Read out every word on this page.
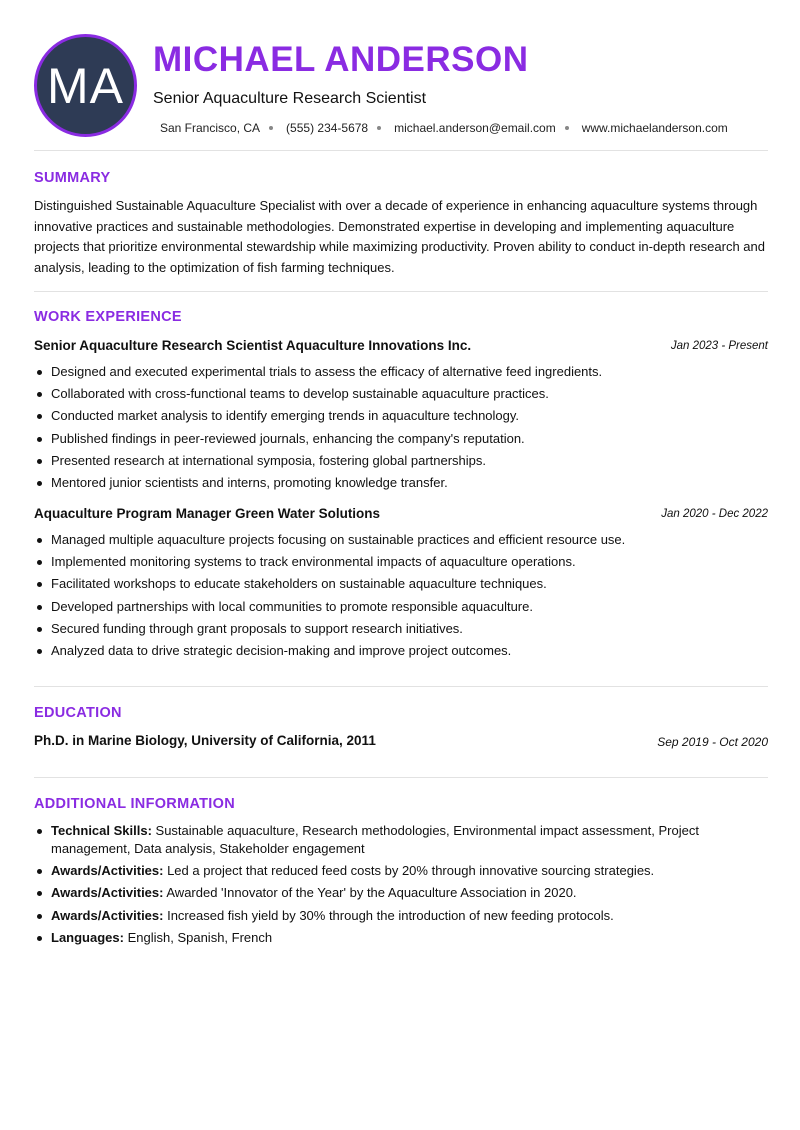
MA MICHAEL ANDERSON
Senior Aquaculture Research Scientist
San Francisco, CA (555) 234-5678 michael.anderson@email.com www.michaelanderson.com
SUMMARY
Distinguished Sustainable Aquaculture Specialist with over a decade of experience in enhancing aquaculture systems through innovative practices and sustainable methodologies. Demonstrated expertise in developing and implementing aquaculture projects that prioritize environmental stewardship while maximizing productivity. Proven ability to conduct in-depth research and analysis, leading to the optimization of fish farming techniques.
WORK EXPERIENCE
Senior Aquaculture Research Scientist Aquaculture Innovations Inc.	Jan 2023 - Present
Designed and executed experimental trials to assess the efficacy of alternative feed ingredients.
Collaborated with cross-functional teams to develop sustainable aquaculture practices.
Conducted market analysis to identify emerging trends in aquaculture technology.
Published findings in peer-reviewed journals, enhancing the company's reputation.
Presented research at international symposia, fostering global partnerships.
Mentored junior scientists and interns, promoting knowledge transfer.
Aquaculture Program Manager Green Water Solutions	Jan 2020 - Dec 2022
Managed multiple aquaculture projects focusing on sustainable practices and efficient resource use.
Implemented monitoring systems to track environmental impacts of aquaculture operations.
Facilitated workshops to educate stakeholders on sustainable aquaculture techniques.
Developed partnerships with local communities to promote responsible aquaculture.
Secured funding through grant proposals to support research initiatives.
Analyzed data to drive strategic decision-making and improve project outcomes.
EDUCATION
Ph.D. in Marine Biology, University of California, 2011	Sep 2019 - Oct 2020
ADDITIONAL INFORMATION
Technical Skills: Sustainable aquaculture, Research methodologies, Environmental impact assessment, Project management, Data analysis, Stakeholder engagement
Awards/Activities: Led a project that reduced feed costs by 20% through innovative sourcing strategies.
Awards/Activities: Awarded 'Innovator of the Year' by the Aquaculture Association in 2020.
Awards/Activities: Increased fish yield by 30% through the introduction of new feeding protocols.
Languages: English, Spanish, French
